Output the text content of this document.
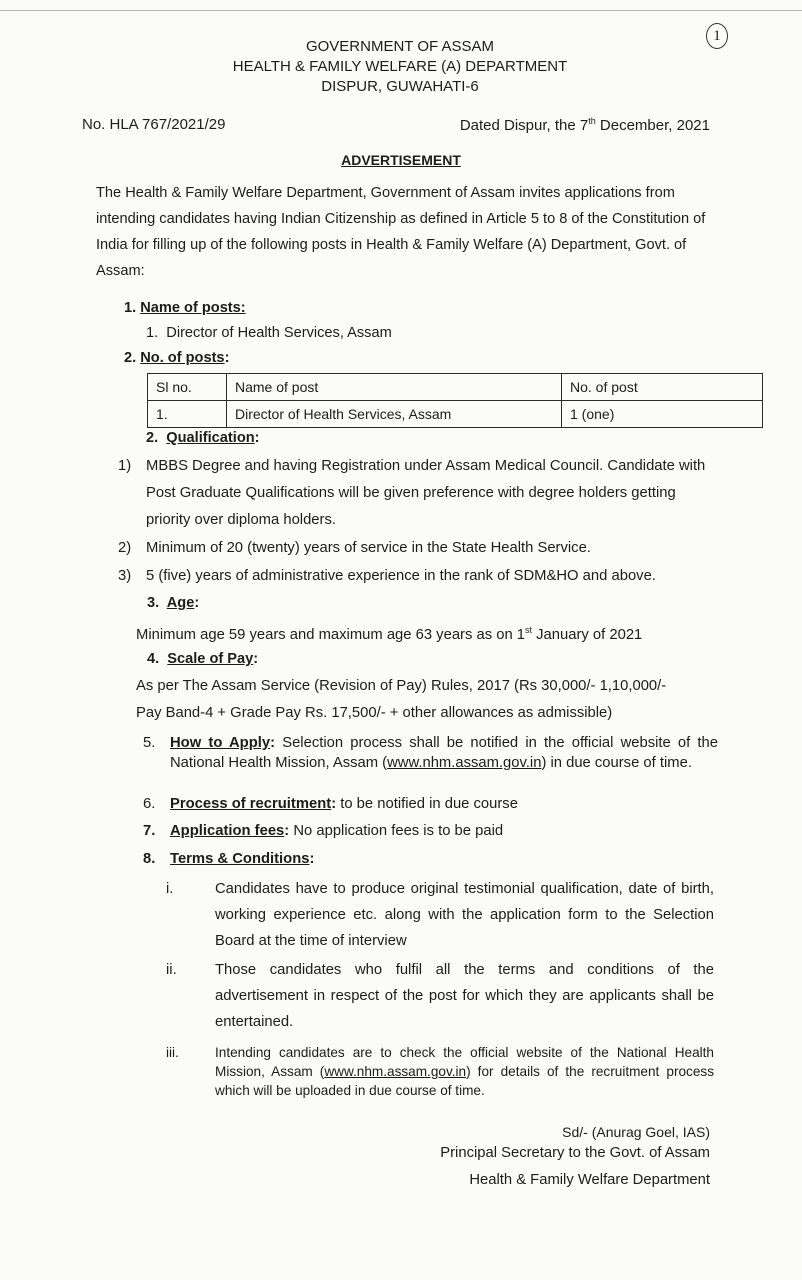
1
GOVERNMENT OF ASSAM
HEALTH & FAMILY WELFARE (A) DEPARTMENT
DISPUR, GUWAHATI-6
No. HLA 767/2021/29	Dated Dispur, the 7th December, 2021
ADVERTISEMENT
The Health & Family Welfare Department, Government of Assam invites applications from intending candidates having Indian Citizenship as defined in Article 5 to 8 of the Constitution of India for filling up of the following posts in Health & Family Welfare (A) Department, Govt. of Assam:
1. Name of posts:
1. Director of Health Services, Assam
2. No. of posts:
Sl no.	Name of post	No. of post
1.	Director of Health Services, Assam	1 (one)
2. Qualification:
1) MBBS Degree and having Registration under Assam Medical Council. Candidate with Post Graduate Qualifications will be given preference with degree holders getting priority over diploma holders.
2) Minimum of 20 (twenty) years of service in the State Health Service.
3) 5 (five) years of administrative experience in the rank of SDM&HO and above.
3. Age:
Minimum age 59 years and maximum age 63 years as on 1st January of 2021
4. Scale of Pay:
As per The Assam Service (Revision of Pay) Rules, 2017 (Rs 30,000/- 1,10,000/-
Pay Band-4 + Grade Pay Rs. 17,500/- + other allowances as admissible)
5. How to Apply: Selection process shall be notified in the official website of the National Health Mission, Assam (www.nhm.assam.gov.in) in due course of time.
6. Process of recruitment: to be notified in due course
7. Application fees: No application fees is to be paid
8. Terms & Conditions:
i.	Candidates have to produce original testimonial qualification, date of birth, working experience etc. along with the application form to the Selection Board at the time of interview
ii.	Those candidates who fulfil all the terms and conditions of the advertisement in respect of the post for which they are applicants shall be entertained.
iii.	Intending candidates are to check the official website of the National Health Mission, Assam (www.nhm.assam.gov.in) for details of the recruitment process which will be uploaded in due course of time.
Sd/- (Anurag Goel, IAS)
Principal Secretary to the Govt. of Assam
Health & Family Welfare Department
